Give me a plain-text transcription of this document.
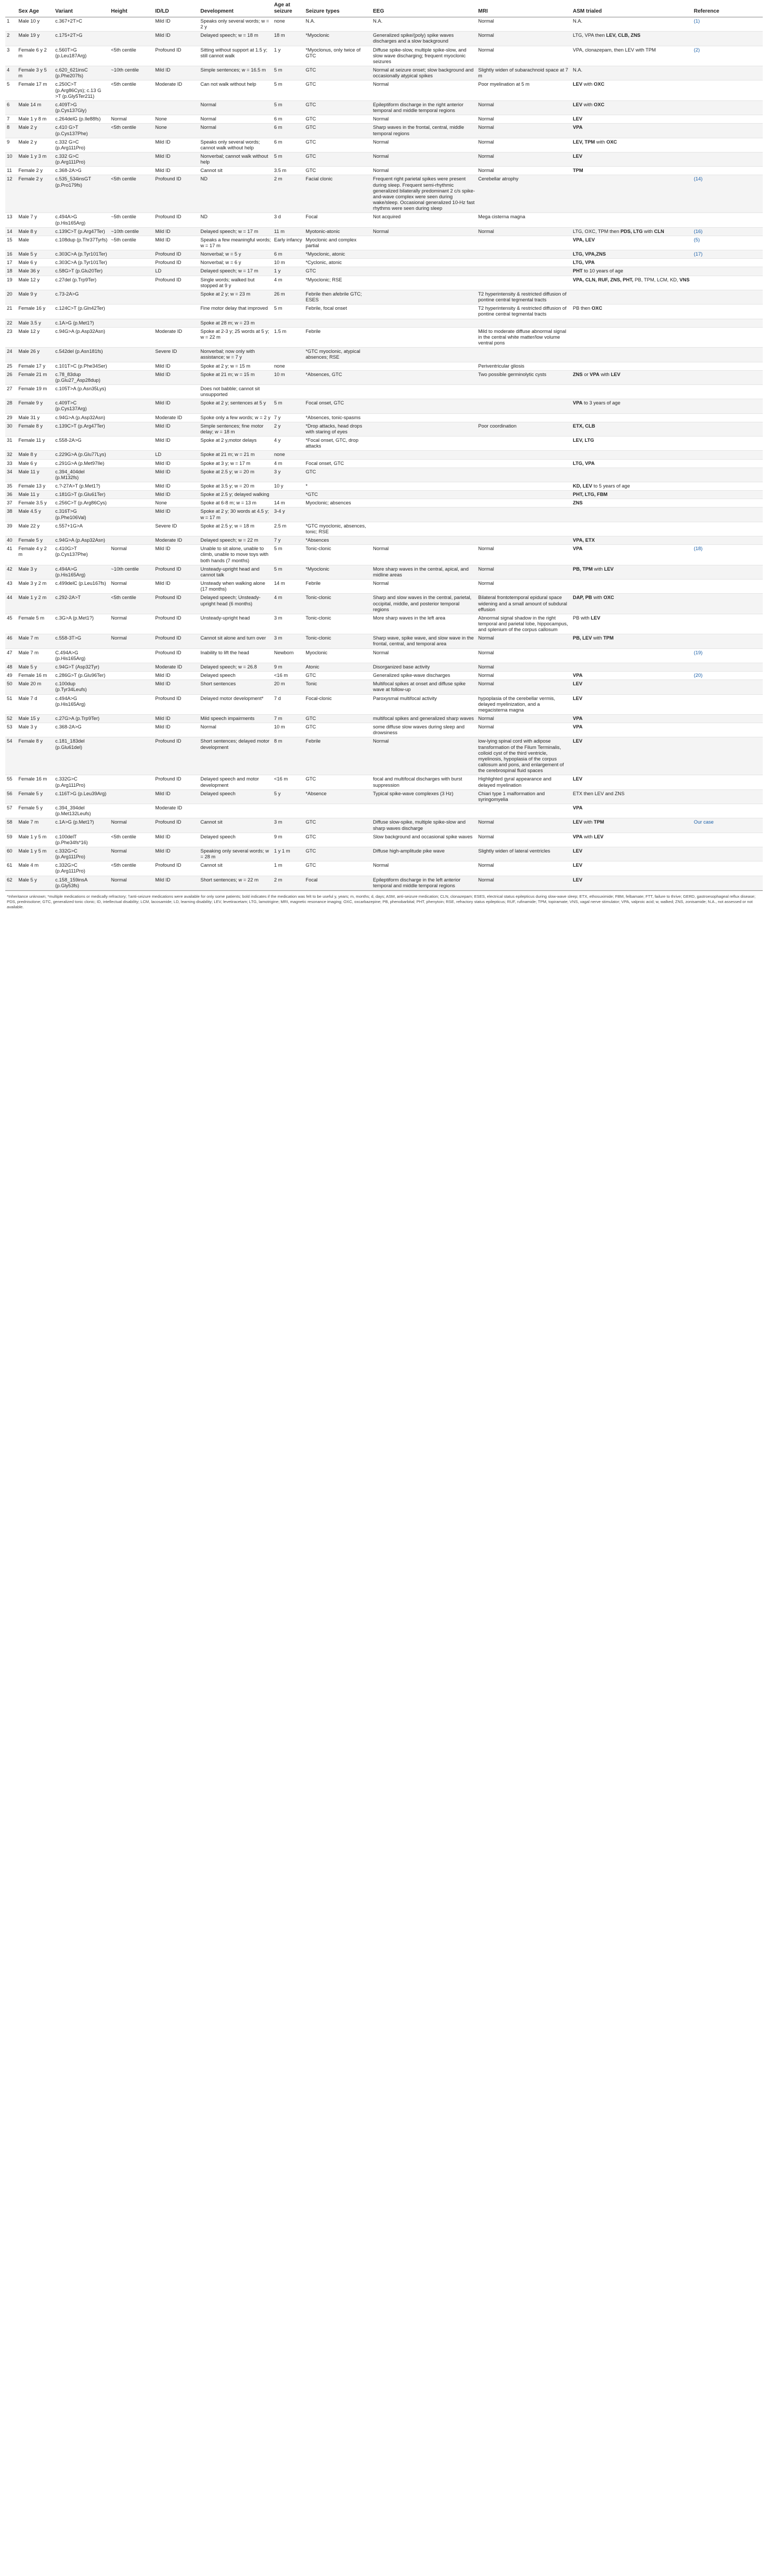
	Sex Age	Variant	Height	ID/LD	Development	Age at seizure	Seizure types	EEG	MRI	ASM trialed	Reference
1	Male 10 y	c.367+2T>C		Mild ID	Speaks only several words; w = 2 y	none	N.A.	N.A.	Normal	N.A.	(1)
2	Male 19 y	c.175+2T>G		Mild ID	Delayed speech; w = 18 m	18 m	*Myoclonic	Generalized spike/(poly) spike waves discharges and a slow background	Normal	LTG, VPA then LEV, CLB, ZNS	
3	Female 6 y 2 m	c.560T>G (p.Leu187Arg)	<5th centile	Profound ID	Sitting without support at 1.5 y; still cannot walk	1 y	*Myoclonus, only twice of GTC	Diffuse spike-slow, multiple spike-slow, and slow wave discharging; frequent myoclonic seizures	Normal	VPA, clonazepam, then LEV with TPM	(2)
4	Female 3 y 5 m	c.620_621insC (p.Phe207fs)	~10th centile	Mild ID	Simple sentences; w = 16.5 m	5 m	GTC	Normal at seizure onset; slow background and occasionally atypical spikes	Slightly widen of subarachnoid space at 7 m	N.A.	
5	Female 17 m	c.250C>T (p.Arg86Cys); c.13 G >T (p.Gly5Ter211)	<5th centile	Moderate ID	Can not walk without help	5 m	GTC	Normal	Poor myelination at 5 m	LEV with OXC	
6	Male 14 m	c.409T>G (p.Cys137Gly)			Normal	5 m	GTC	Epileptiform discharge in the right anterior temporal and middle temporal regions	Normal	LEV with OXC	
7	Male 1 y 8 m	c.264delG (p.Ile88fs)	Normal	None	Normal	6 m	GTC	Normal	Normal	LEV	
8	Male 2 y	c.410 G>T (p.Cys137Phe)	<5th centile	None	Normal	6 m	GTC	Sharp waves in the frontal, central, middle temporal regions	Normal	VPA	
9	Male 2 y	c.332 G>C (p.Arg111Pro)		Mild ID	Speaks only several words; cannot walk without help	6 m	GTC	Normal	Normal	LEV, TPM with OXC	
10	Male 1 y 3 m	c.332 G>C (p.Arg111Pro)		Mild ID	Nonverbal; cannot walk without help	5 m	GTC	Normal	Normal	LEV	
11	Female 2 y	c.368-2A>G		Mild ID	Cannot sit	3.5 m	GTC	Normal	Normal	TPM	
12	Female 2 y	c.535_534insGT (p.Pro179fs)	<5th centile	Profound ID	ND	2 m	Facial clonic	Frequent right parietal spikes were present during sleep. Frequent semi-rhythmic generalized bilaterally predominant 2 c/s spike-and-wave complex were seen during wake/sleep. Occasional generalized 10-Hz fast rhythms were seen during sleep	Cerebellar atrophy		(14)
13	Male 7 y	c.494A>G (p.His165Arg)	~5th centile	Profound ID	ND	3 d	Focal	Not acquired	Mega cisterna magna		
14	Male 8 y	c.139C>T (p.Arg47Ter)	~10th centile	Mild ID	Delayed speech; w = 17 m	11 m	Myotonic-atonic	Normal	Normal	LTG, OXC, TPM then PDS, LTG with CLN	(16)
15	Male	c.108dup (p.Thr37Tyrfs)	~5th centile	Mild ID	Speaks a few meaningful words; w = 17 m	Early infancy	Myoclonic and complex partial			VPA, LEV	(5)
16	Male 5 y	c.303C>A (p.Tyr101Ter)		Profound ID	Nonverbal; w = 5 y	6 m	*Myoclonic, atonic			LTG, VPA,ZNS	(17)
17	Male 6 y	c.303C>A (p.Tyr101Ter)		Profound ID	Nonverbal; w = 6 y	10 m	*Cyclonic, atonic			LTG, VPA	
18	Male 36 y	c.58G>T (p.Glu20Ter)		LD	Delayed speech; w = 17 m	1 y	GTC			PHT to 10 years of age	
19	Male 12 y	c.27del (p.Trp9Ter)		Profound ID	Single words; walked but stopped at 9 y	4 m	*Myoclonic; RSE			VPA, CLN, RUF, ZNS, PHT, PB, TPM, LCM, KD, VNS	
20	Male 9 y	c.73-2A>G			Spoke at 2 y; w = 23 m	26 m	Febrile then afebrile GTC; ESES		T2 hyperintensity & restricted diffusion of pontine central tegmental tracts		
21	Female 16 y	c.124C>T (p.Gln42Ter)			Fine motor delay that improved	5 m	Febrile, focal onset		T2 hyperintensity & restricted diffusion of pontine central tegmental tracts	PB then OXC	
22	Male 3.5 y	c.1A>G (p.Met1?)			Spoke at 28 m; w = 23 m						
23	Male 12 y	c.94G>A (p.Asp32Asn)		Moderate ID	Spoke at 2-3 y; 25 words at 5 y; w = 22 m	1.5 m	Febrile		Mild to moderate diffuse abnormal signal in the central white matter/low volume ventral pons		
24	Male 26 y	c.542del (p.Asn181fs)		Severe ID	Nonverbal; now only with assistance; w = 7 y		*GTC myoclonic, atypical absences; RSE				
25	Female 17 y	c.101T>C (p.Phe34Ser)		Mild ID	Spoke at 2 y; w = 15 m	none			Periventricular gliosis		
26	Female 21 m	c.78_83dup (p.Glu27_Asp28dup)		Mild ID	Spoke at 21 m; w = 15 m	10 m	*Absences, GTC		Two possible germinolytic cysts	ZNS or VPA with LEV	
27	Female 19 m	c.105T>A (p.Asn35Lys)			Does not babble; cannot sit unsupported						
28	Female 9 y	c.409T>C (p.Cys137Arg)		Mild ID	Spoke at 2 y; sentences at 5 y	5 m	Focal onset, GTC			VPA to 3 years of age	
29	Male 31 y	c.94G>A (p.Asp32Asn)		Moderate ID	Spoke only a few words; w = 2 y	7 y	*Absences, tonic-spasms				
30	Female 8 y	c.139C>T (p.Arg47Ter)		Mild ID	Simple sentences; fine motor delay; w = 18 m	2 y	*Drop attacks, head drops with staring of eyes		Poor coordination	ETX, CLB	
31	Female 11 y	c.558-2A>G		Mild ID	Spoke at 2 y,motor delays	4 y	*Focal onset, GTC, drop attacks			LEV, LTG	
32	Male 8 y	c.229G>A (p.Glu77Lys)		LD	Spoke at 21 m; w = 21 m	none					
33	Male 6 y	c.291G>A (p.Met97Ile)		Mild ID	Spoke at 3 y; w = 17 m	4 m	Focal onset, GTC			LTG, VPA	
34	Male 11 y	c.394_404del (p.M132fs)		Mild ID	Spoke at 2.5 y; w = 20 m	3 y	GTC				
35	Female 13 y	c.?-27A>T (p.Met1?)		Mild ID	Spoke at 3.5 y; w = 20 m	10 y	*			KD, LEV to 5 years of age	
36	Male 11 y	c.181G>T (p.Glu61Ter)		Mild ID	Spoke at 2.5 y; delayed walking		*GTC			PHT, LTG, FBM	
37	Female 3.5 y	c.256C>T (p.Arg86Cys)		None	Spoke at 6-8 m; w = 13 m	14 m	Myoclonic; absences			ZNS	
38	Male 4.5 y	c.316T>G (p.Phe106Val)		Mild ID	Spoke at 2 y; 30 words at 4.5 y; w = 17 m	3-4 y					
39	Male 22 y	c.557+1G>A		Severe ID	Spoke at 2.5 y; w = 18 m	2.5 m	*GTC myoclonic, absences, tonic; RSE				
40	Female 5 y	c.94G>A (p.Asp32Asn)		Moderate ID	Delayed speech; w = 22 m	7 y	*Absences			VPA, ETX	
41	Female 4 y 2 m	c.410G>T (p.Cys137Phe)	Normal	Mild ID	Unable to sit alone, unable to climb, unable to move toys with both hands (7 months)	5 m	Tonic-clonic	Normal	Normal	VPA	(18)
42	Male 3 y	c.494A>G (p.His165Arg)	~10th centile	Profound ID	Unsteady-upright head and cannot talk	5 m	*Myoclonic	More sharp waves in the central, apical, and midline areas	Normal	PB, TPM with LEV	
43	Male 3 y 2 m	c.499delC (p.Leu167fs)	Normal	Mild ID	Unsteady when walking alone (17 months)	14 m	Febrile	Normal	Normal		
44	Male 1 y 2 m	c.292-2A>T	<5th centile	Profound ID	Delayed speech; Unsteady-upright head (6 months)	4 m	Tonic-clonic	Sharp and slow waves in the central, parietal, occipital, middle, and posterior temporal regions	Bilateral frontotemporal epidural space widening and a small amount of subdural effusion	DAP, PB with OXC	
45	Female 5 m	c.3G>A (p.Met1?)	Normal	Profound ID	Unsteady-upright head	3 m	Tonic-clonic	More sharp waves in the left area	Abnormal signal shadow in the right temporal and parietal lobe, hippocampus, and splenium of the corpus callosum	PB with LEV	
46	Male 7 m	c.558-3T>G	Normal	Profound ID	Cannot sit alone and turn over	3 m	Tonic-clonic	Sharp wave, spike wave, and slow wave in the frontal, central, and temporal area	Normal	PB, LEV with TPM	
47	Male 7 m	C.494A>G (p.His165Arg)		Profound ID	Inability to lift the head	Newborn	Myoclonic	Normal	Normal		(19)
48	Male 5 y	c.94G>T (Asp32Tyr)		Moderate ID	Delayed speech; w = 26.8	9 m	Atonic	Disorganized base activity	Normal		
49	Female 16 m	c.286G>T (p.Glu96Ter)		Mild ID	Delayed speech	<16 m	GTC	Generalized spike-wave discharges	Normal	VPA	(20)
50	Male 20 m	c.100dup (p.Tyr34Leufs)		Mild ID	Short sentences	20 m	Tonic	Multifocal spikes at onset and diffuse spike wave at follow-up	Normal	LEV	
51	Male 7 d	c.494A>G (p.His165Arg)		Profound ID	Delayed motor development*	7 d	Focal-clonic	Paroxysmal multifocal activity	hypoplasia of the cerebellar vermis, delayed myelinization, and a megacisterna magna	LEV	
52	Male 15 y	c.27G>A (p.Trp9Ter)		Mild ID	Mild speech impairments	7 m	GTC	multifocal spikes and generalized sharp waves	Normal	VPA	
53	Male 3 y	c.368-2A>G		Mild ID	Normal	10 m	GTC	some diffuse slow waves during sleep and drowsiness	Normal	VPA	
54	Female 8 y	c.181_183del (p.Glu61del)		Profound ID	Short sentences; delayed motor development	8 m	Febrile	Normal	low-lying spinal cord with adipose transformation of the Filum Terminalis, colloid cyst of the third ventricle, myelinosis, hypoplasia of the corpus callosum and pons, and enlargement of the cerebrospinal fluid spaces	LEV	
55	Female 16 m	c.332G>C (p.Arg111Pro)		Profound ID	Delayed speech and motor development	<16 m	GTC	focal and multifocal discharges with burst suppression	Highlighted gyral appearance and delayed myelination	LEV	
56	Female 5 y	c.116T>G (p.Leu39Arg)		Mild ID	Delayed speech	5 y	*Absence	Typical spike-wave complexes (3 Hz)	Chiari type 1 malformation and syringomyelia	ETX then LEV and ZNS	
57	Female 5 y	c.394_394del (p.Met132Leufs)		Moderate ID						VPA	
58	Male 7 m	c.1A>G (p.Met1?)	Normal	Profound ID	Cannot sit	3 m	GTC	Diffuse slow-spike, multiple spike-slow and sharp waves discharge	Normal	LEV with TPM	Our case
59	Male 1 y 5 m	c.100delT (p.Phe34fs*16)	<5th centile	Mild ID	Delayed speech	9 m	GTC	Slow background and occasional spike waves	Normal	VPA with LEV	
60	Male 1 y 5 m	c.332G>C (p.Arg111Pro)	Normal	Mild ID	Speaking only several words; w = 28 m	1 y 1 m	GTC	Diffuse high-amplitude pike wave	Slightly widen of lateral ventricles	LEV	
61	Male 4 m	c.332G>C (p.Arg111Pro)	<5th centile	Profound ID	Cannot sit	1 m	GTC	Normal	Normal	LEV	
62	Male 5 y	c.158_159insA (p.Gly53fs)	Normal	Mild ID	Short sentences; w = 22 m	2 m	Focal	Epileptiform discharge in the left anterior temporal and middle temporal regions	Normal	LEV	
*Inheritance unknown; *multiple medications or medically refractory; †anti-seizure medications were available for only some patients; bold indicates if the medication was felt to be useful y, years; m, months; d, days; ASM, anti-seizure medication; CLN, clonazepam; ESES, electrical status epilepticus during slow-wave sleep; ETX, ethosuximide; FBM, felbamate; FTT, failure to thrive; GERD, gastroesophageal reflux disease; PDS, prednisolone; GTC, generalized tonic clonic; ID, intellectual disability; LCM, lacosamide; LD, learning disability; LEV, levetiracetam; LTG, lamotrigine; MRI, magnetic resonance imaging; OXC, oxcarbazepine; PB, phenobarbital; PHT, phenytoin; RSE, refractory status epilepticus; RUF, rufinamide; TPM, topiramate; VNS, vagal nerve stimulator; VPA, valproic acid; w, walked; ZNS, zonisamide; N.A., not assessed or not available.
